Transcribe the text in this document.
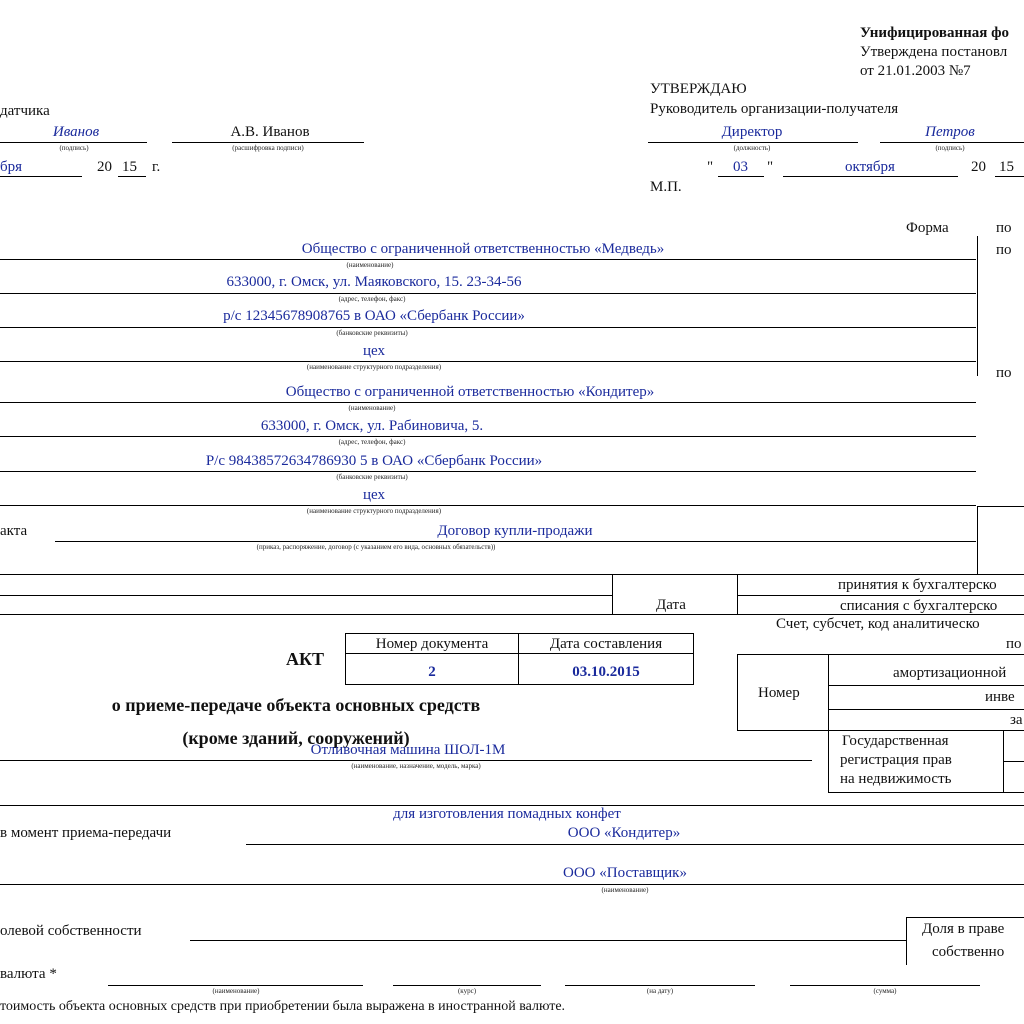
Унифицированная фо
Утверждена постановл
от 21.01.2003 №7
датчика
Иванов
(подпись)
А.В. Иванов
(расшифровка подписи)
бря	20 15 г.
УТВЕРЖДАЮ
Руководитель организации-получателя
Директор
(должность)
Петров
(подпись)
" 03 "	октября	20 15
М.П.
Форма	по
по
по
Общество с ограниченной ответственностью «Медведь»
(наименование)
633000, г. Омск, ул. Маяковского, 15. 23-34-56
(адрес, телефон, факс)
р/с 12345678908765 в ОАО «Сбербанк России»
(банковские реквизиты)
цех
(наименование структурного подразделения)
Общество с ограниченной ответственностью «Кондитер»
(наименование)
633000, г. Омск, ул. Рабиновича, 5.
(адрес, телефон, факс)
Р/с 98438572634786930 5 в ОАО «Сбербанк России»
(банковские реквизиты)
цех
(наименование структурного подразделения)
акта	Договор купли-продажи
(приказ, распоряжение, договор (с указанием его вида, основных обязательств))
Дата
принятия к бухгалтерско
списания с бухгалтерско
Счет, субсчет, код аналитическо
по
АКТ
Номер документа	Дата составления
2	03.10.2015
о приеме-передаче объекта основных средств
(кроме зданий, сооружений)
Номер
амортизационной
инве
за
Государственная
регистрация прав
на недвижимость
Отливочная машина ШОЛ-1М
(наименование, назначение, модель, марка)
для изготовления помадных конфет
в момент приема-передачи	ООО «Кондитер»
ООО «Поставщик»
(наименование)
олевой собственности	Доля в праве
собственно
валюта *
(наименование)	(курс)	(на дату)	(сумма)
тоимость объекта основных средств при приобретении была выражена в иностранной валюте.
